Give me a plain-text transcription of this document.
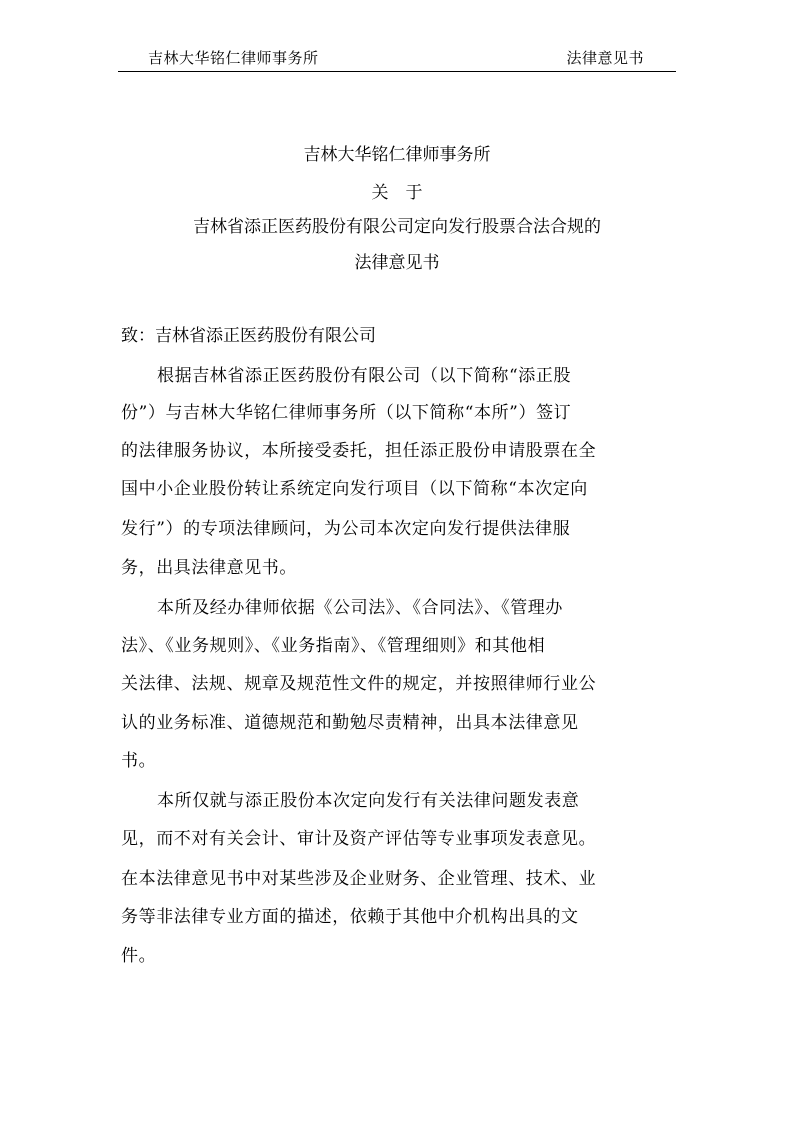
吉林大华铭仁律师事务所	法律意见书
吉林大华铭仁律师事务所
关　于
吉林省添正医药股份有限公司定向发行股票合法合规的
法律意见书
致：吉林省添正医药股份有限公司
根据吉林省添正医药股份有限公司（以下简称“添正股
份”）与吉林大华铭仁律师事务所（以下简称“本所”）签订
的法律服务协议，本所接受委托，担任添正股份申请股票在全
国中小企业股份转让系统定向发行项目（以下简称“本次定向
发行”）的专项法律顾问，为公司本次定向发行提供法律服
务，出具法律意见书。
本所及经办律师依据《公司法》、《合同法》、《管理办
法》、《业务规则》、《业务指南》、《管理细则》和其他相
关法律、法规、规章及规范性文件的规定，并按照律师行业公
认的业务标准、道德规范和勤勉尽责精神，出具本法律意见
书。
本所仅就与添正股份本次定向发行有关法律问题发表意
见，而不对有关会计、审计及资产评估等专业事项发表意见。
在本法律意见书中对某些涉及企业财务、企业管理、技术、业
务等非法律专业方面的描述，依赖于其他中介机构出具的文
件。
